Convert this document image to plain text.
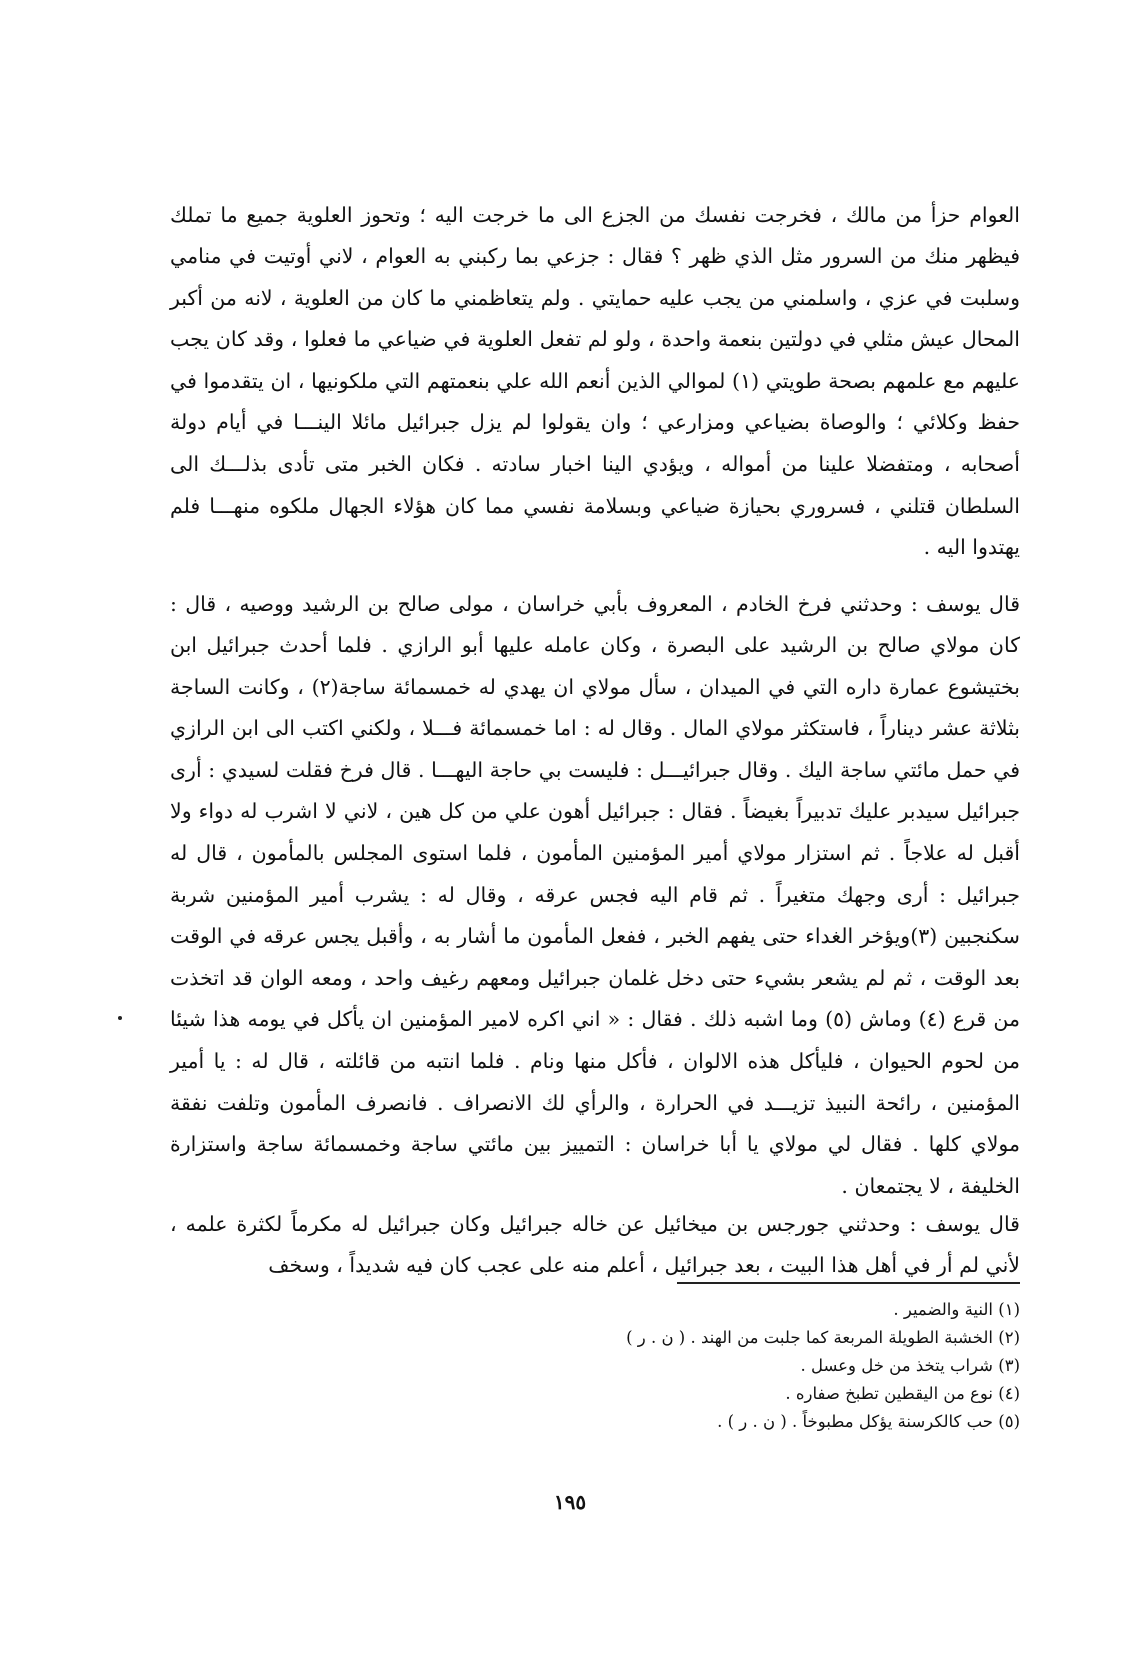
العوام حزأ من مالك ، فخرجت نفسك من الجزع الى ما خرجت اليه ؛ وتحوز العلوية جميع ما تملك فيظهر منك من السرور مثل الذي ظهر ؟ فقال : جزعي بما ركبني به العوام ، لاني أوتيت في منامي وسلبت في عزي ، واسلمني من يجب عليه حمايتي . ولم يتعاظمني ما كان من العلوية ، لانه من أكبر المحال عيش مثلي في دولتين بنعمة واحدة ، ولو لم تفعل العلوية في ضياعي ما فعلوا ، وقد كان يجب عليهم مع علمهم بصحة طويتي (١) لموالي الذين أنعم الله علي بنعمتهم التي ملكونيها ، ان يتقدموا في حفظ وكلائي ؛ والوصاة بضياعي ومزارعي ؛ وان يقولوا لم يزل جبرائيل مائلا الينـــا في أيام دولة أصحابه ، ومتفضلا علينا من أمواله ، ويؤدي الينا اخبار سادته . فكان الخبر متى تأدى بذلـــك الى السلطان قتلني ، فسروري بحيازة ضياعي وبسلامة نفسي مما كان هؤلاء الجهال ملكوه منهـــا فلم يهتدوا اليه .

قال يوسف : وحدثني فرخ الخادم ، المعروف بأبي خراسان ، مولى صالح بن الرشيد ووصيه ، قال : كان مولاي صالح بن الرشيد على البصرة ، وكان عامله عليها أبو الرازي . فلما أحدث جبرائيل ابن بختيشوع عمارة داره التي في الميدان ، سأل مولاي ان يهدي له خمسمائة ساجة(٢) ، وكانت الساجة بثلاثة عشر ديناراً ، فاستكثر مولاي المال . وقال له : اما خمسمائة فـــلا ، ولكني اكتب الى ابن الرازي في حمل مائتي ساجة اليك . وقال جبرائيـــل : فليست بي حاجة اليهـــا . قال فرخ فقلت لسيدي : أرى جبرائيل سيدبر عليك تدبيراً بغيضاً . فقال : جبرائيل أهون علي من كل هين ، لاني لا اشرب له دواء ولا أقبل له علاجاً . ثم استزار مولاي أمير المؤمنين المأمون ، فلما استوى المجلس بالمأمون ، قال له جبرائيل : أرى وجهك متغيراً . ثم قام اليه فجس عرقه ، وقال له : يشرب أمير المؤمنين شربة سكنجبين (٣)ويؤخر الغداء حتى يفهم الخبر ، ففعل المأمون ما أشار به ، وأقبل يجس عرقه في الوقت بعد الوقت ، ثم لم يشعر بشيء حتى دخل غلمان جبرائيل ومعهم رغيف واحد ، ومعه الوان قد اتخذت من قرع (٤) وماش (٥) وما اشبه ذلك . فقال : « اني اكره لامير المؤمنين ان يأكل في يومه هذا شيئا من لحوم الحيوان ، فليأكل هذه الالوان ، فأكل منها ونام . فلما انتبه من قائلته ، قال له : يا أمير المؤمنين ، رائحة النبيذ تزيـــد في الحرارة ، والرأي لك الانصراف . فانصرف المأمون وتلفت نفقة مولاي كلها . فقال لي مولاي يا أبا خراسان : التمييز بين مائتي ساجة وخمسمائة ساجة واستزارة الخليفة ، لا يجتمعان .

قال يوسف : وحدثني جورجس بن ميخائيل عن خاله جبرائيل وكان جبرائيل له مكرماً لكثرة علمه ، لأني لم أر في أهل هذا البيت ، بعد جبرائيل ، أعلم منه على عجب كان فيه شديداً ، وسخف

(١) النية والضمير .
(٢) الخشبة الطويلة المربعة كما جلبت من الهند . ( ن . ر )
(٣) شراب يتخذ من خل وعسل .
(٤) نوع من اليقطين تطبخ صفاره .
(٥) حب كالكرسنة يؤكل مطبوخاً . ( ن . ر ) .
١٩٥
